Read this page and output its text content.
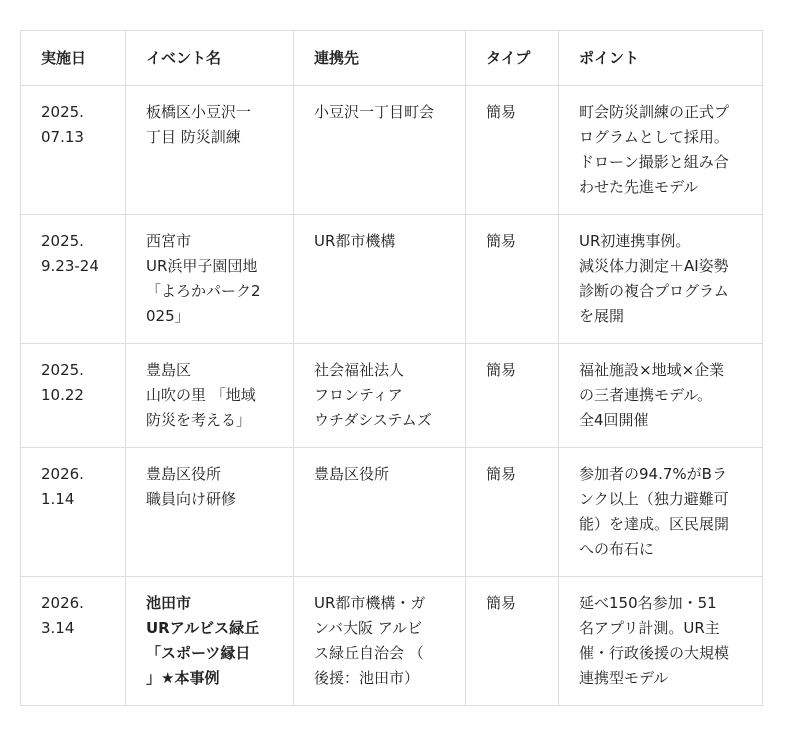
実施日	イベント名	連携先	タイプ	ポイント

2025.
07.13	板橋区小豆沢一
丁目 防災訓練	小豆沢一丁目町会	簡易	町会防災訓練の正式プ
ログラムとして採用。
ドローン撮影と組み合
わせた先進モデル

2025.
9.23-24	西宮市
UR浜甲子園団地
「よろかパーク2
025」	UR都市機構	簡易	UR初連携事例。
減災体力測定＋AI姿勢
診断の複合プログラム
を展開

2025.
10.22	豊島区
山吹の里 「地域
防災を考える」	社会福祉法人
フロンティア
ウチダシステムズ	簡易	福祉施設×地域×企業
の三者連携モデル。
全4回開催

2026.
1.14	豊島区役所
職員向け研修	豊島区役所	簡易	参加者の94.7%がBラ
ンク以上（独力避難可
能）を達成。区民展開
への布石に

2026.
3.14	池田市
URアルビス緑丘
「スポーツ縁日
」★本事例	UR都市機構・ガ
ンバ大阪 アルビ
ス緑丘自治会 （
後援：池田市）	簡易	延べ150名参加・51
名アプリ計測。UR主
催・行政後援の大規模
連携型モデル
